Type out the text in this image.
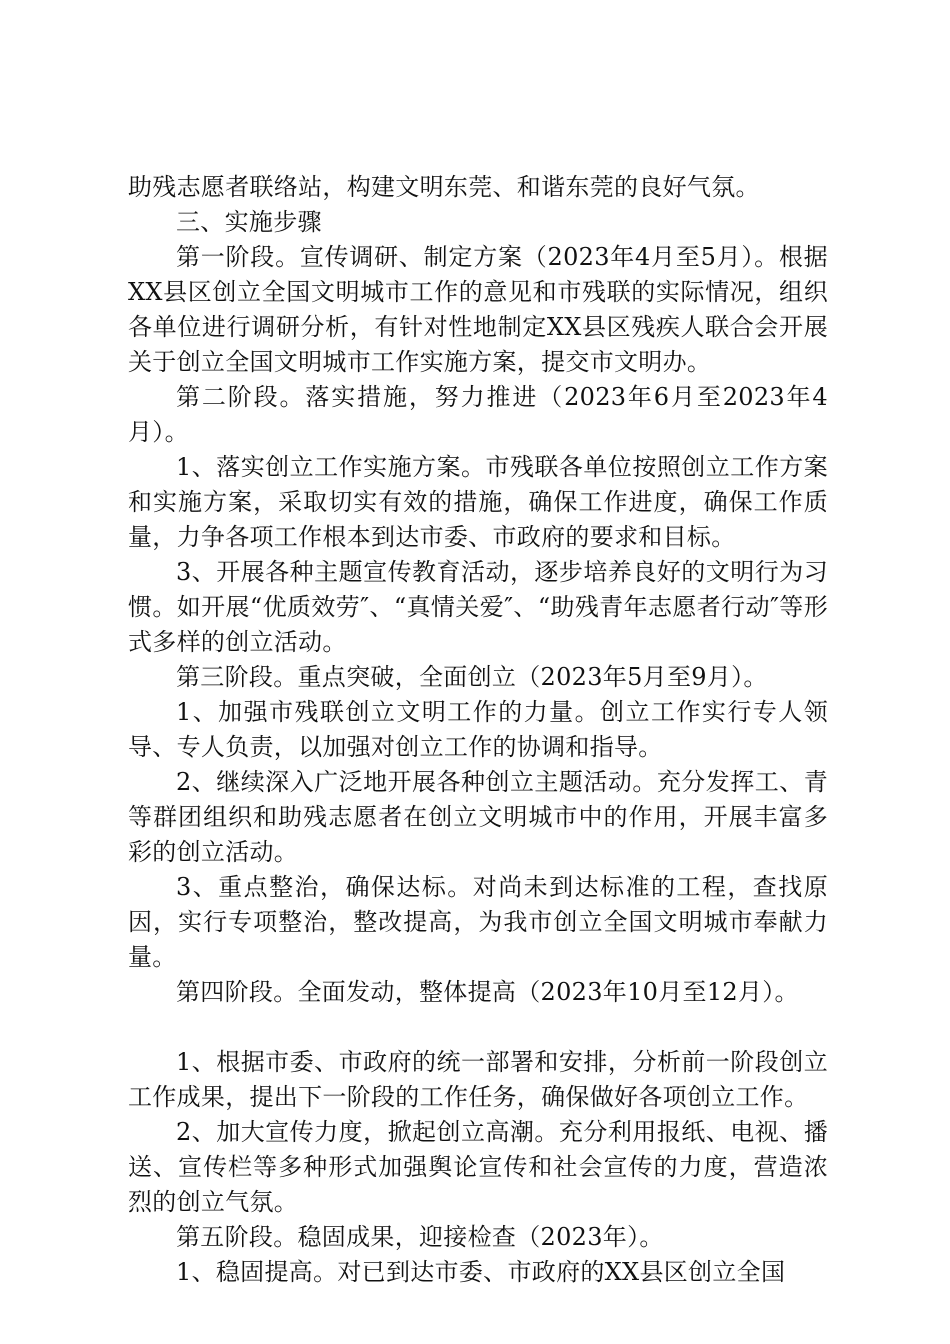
助残志愿者联络站，构建文明东莞、和谐东莞的良好气氛。

三、实施步骤

第一阶段。宣传调研、制定方案（2023年4月至5月）。根据XX县区创立全国文明城市工作的意见和市残联的实际情况，组织各单位进行调研分析，有针对性地制定XX县区残疾人联合会开展关于创立全国文明城市工作实施方案，提交市文明办。

第二阶段。落实措施，努力推进（2023年6月至2023年4月）。

1、落实创立工作实施方案。市残联各单位按照创立工作方案和实施方案，采取切实有效的措施，确保工作进度，确保工作质量，力争各项工作根本到达市委、市政府的要求和目标。

3、开展各种主题宣传教育活动，逐步培养良好的文明行为习惯。如开展“优质效劳″、“真情关爱″、“助残青年志愿者行动″等形式多样的创立活动。

第三阶段。重点突破，全面创立（2023年5月至9月）。

1、加强市残联创立文明工作的力量。创立工作实行专人领导、专人负责，以加强对创立工作的协调和指导。

2、继续深入广泛地开展各种创立主题活动。充分发挥工、青等群团组织和助残志愿者在创立文明城市中的作用，开展丰富多彩的创立活动。

3、重点整治，确保达标。对尚未到达标准的工程，查找原因，实行专项整治，整改提高，为我市创立全国文明城市奉献力量。

第四阶段。全面发动，整体提高（2023年10月至12月）。

1、根据市委、市政府的统一部署和安排，分析前一阶段创立工作成果，提出下一阶段的工作任务，确保做好各项创立工作。

2、加大宣传力度，掀起创立高潮。充分利用报纸、电视、播送、宣传栏等多种形式加强舆论宣传和社会宣传的力度，营造浓烈的创立气氛。

第五阶段。稳固成果，迎接检查（2023年）。

1、稳固提高。对已到达市委、市政府的XX县区创立全国
